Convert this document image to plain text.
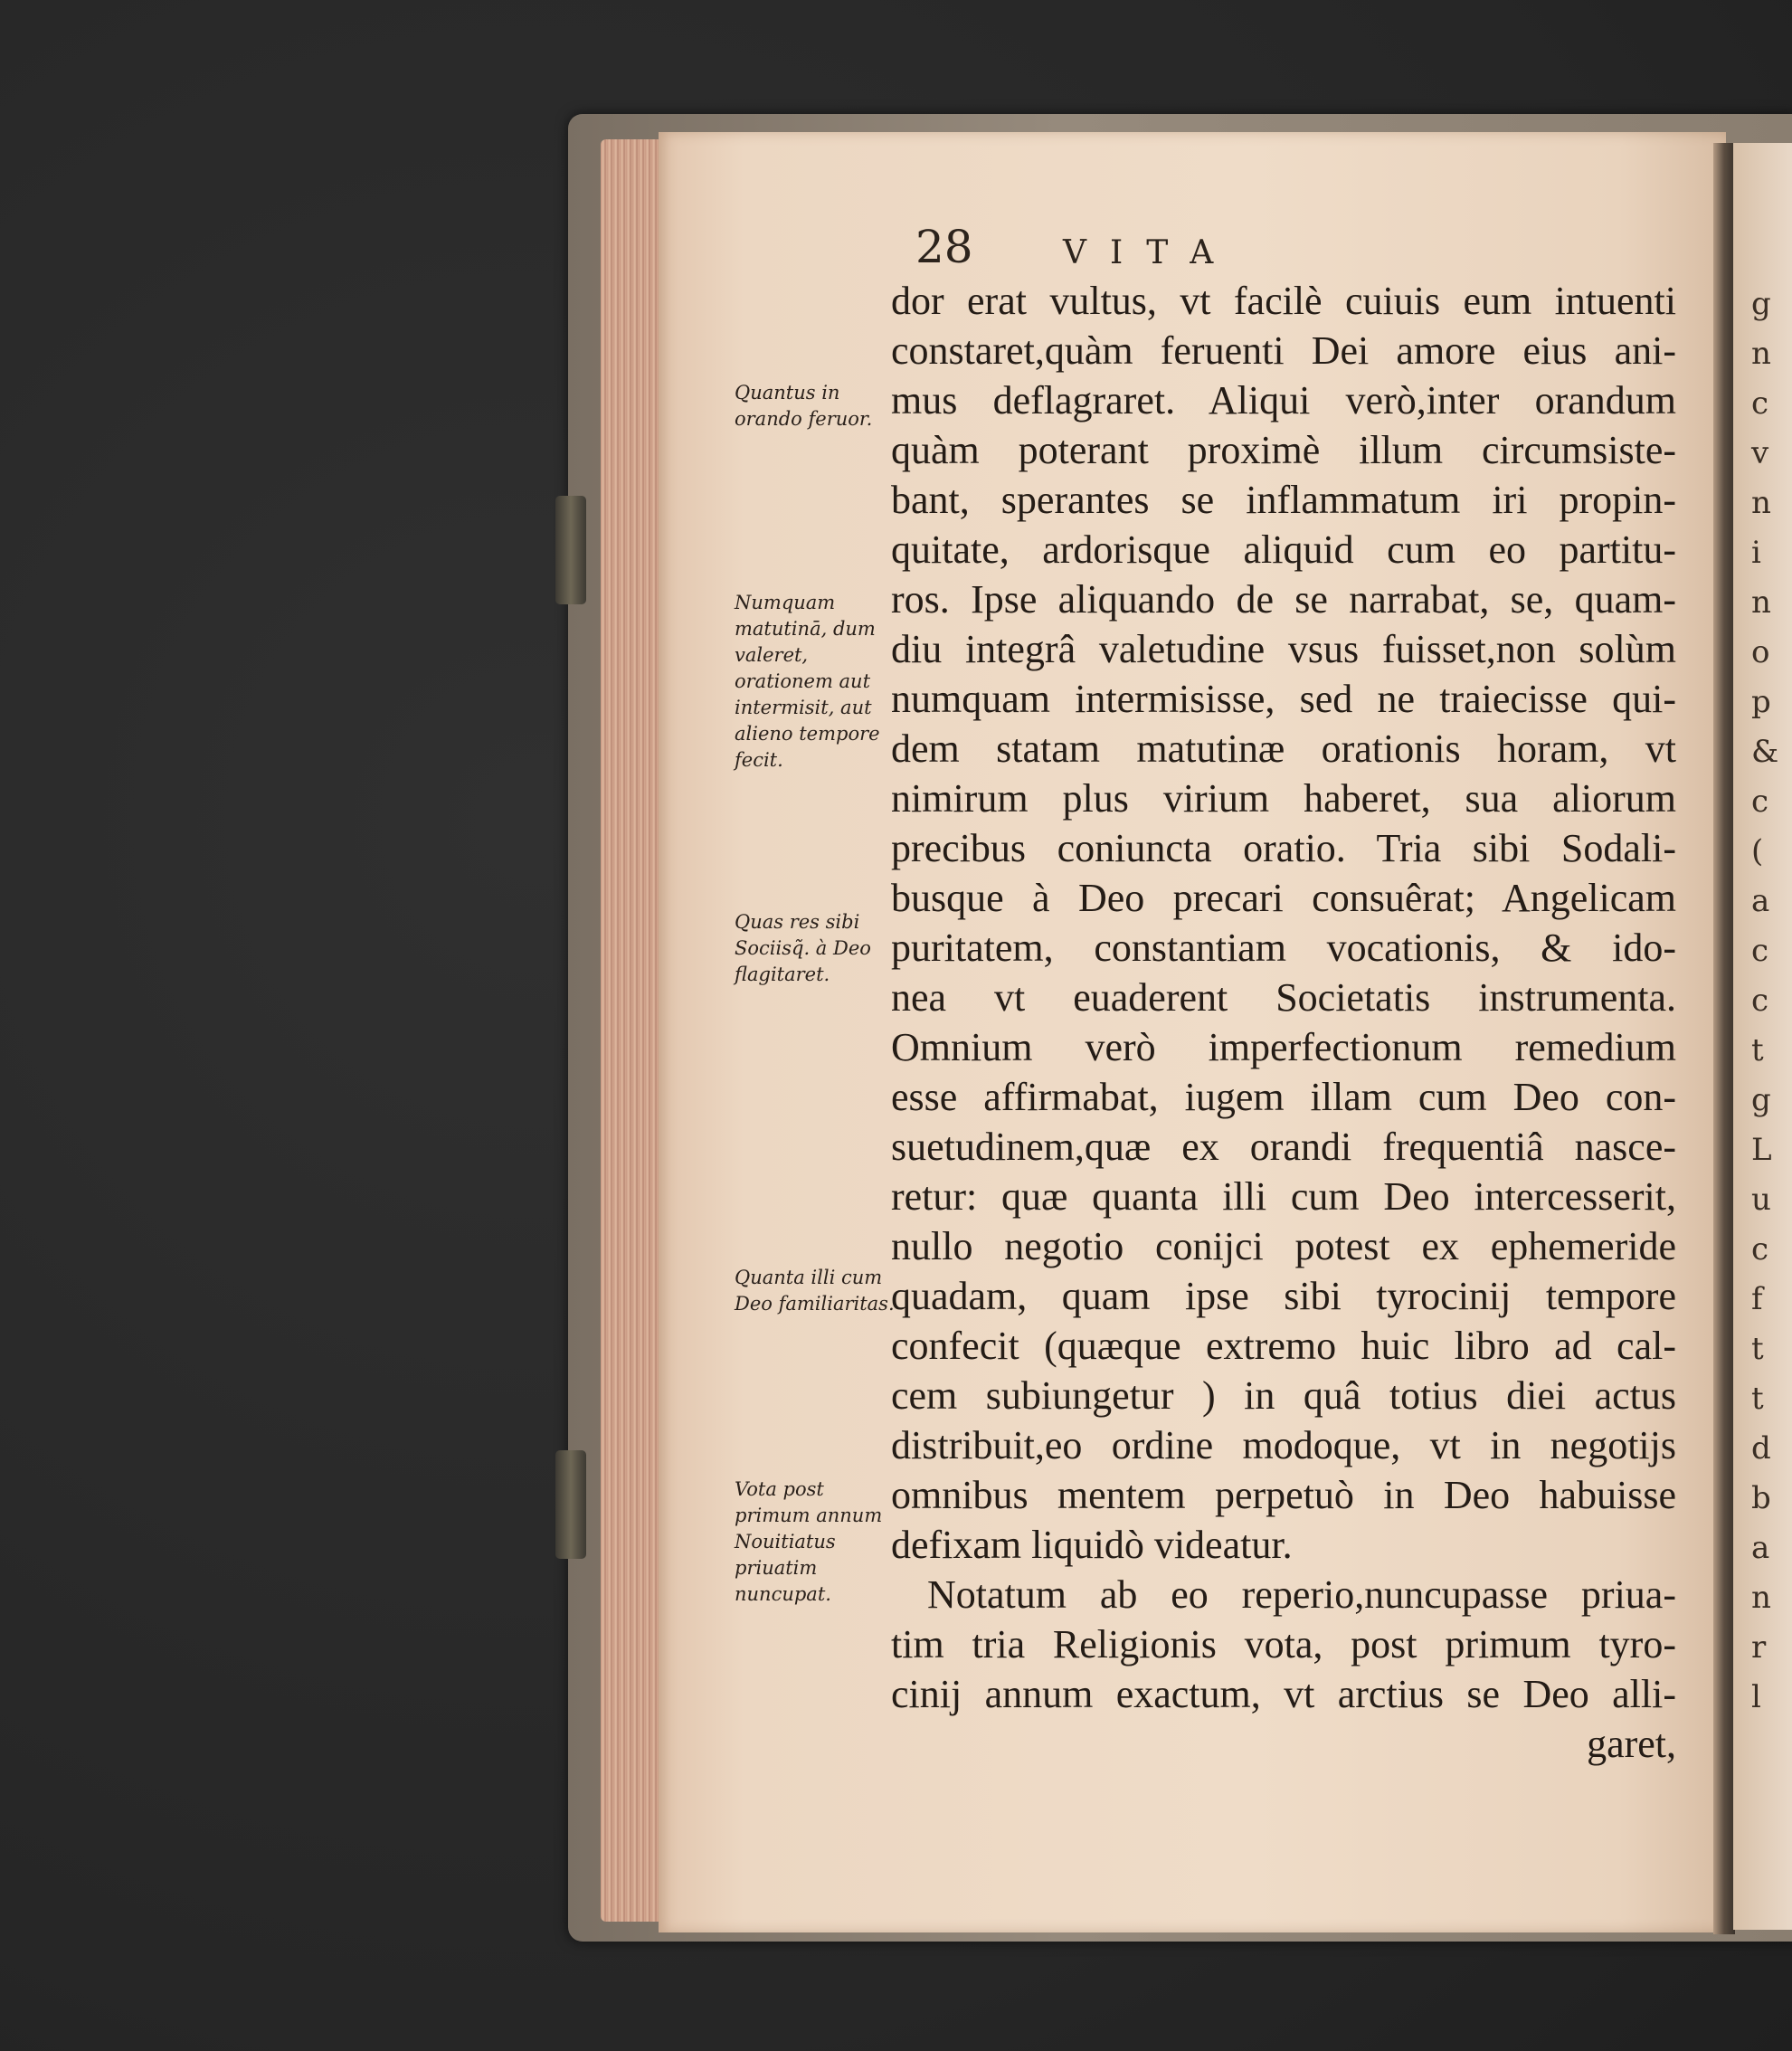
g
n
c
v
n
i
n
o
p
&
c
(
a
c
c
t
g
L
u
c
f
t
t
d
b
a
n
r
l
28	VITA
dor erat vultus, vt facilè cuiuis eum intuenti
constaret,quàm feruenti Dei amore eius ani-
mus deflagraret. Aliqui verò,inter orandum
quàm poterant proximè illum circumsiste-
bant, sperantes se inflammatum iri propin-
quitate, ardorisque aliquid cum eo partitu-
ros. Ipse aliquando de se narrabat, se, quam-
diu integrâ valetudine vsus fuisset,non solùm
numquam intermisisse, sed ne traiecisse qui-
dem statam matutinæ orationis horam, vt
nimirum plus virium haberet, sua aliorum
precibus coniuncta oratio. Tria sibi Sodali-
busque à Deo precari consuêrat; Angelicam
puritatem, constantiam vocationis, & ido-
nea vt euaderent Societatis instrumenta.
Omnium verò imperfectionum remedium
esse affirmabat, iugem illam cum Deo con-
suetudinem,quæ ex orandi frequentiâ nasce-
retur: quæ quanta illi cum Deo intercesserit,
nullo negotio conijci potest ex ephemeride
quadam, quam ipse sibi tyrocinij tempore
confecit (quæque extremo huic libro ad cal-
cem subiungetur ) in quâ totius diei actus
distribuit,eo ordine modoque, vt in negotijs
omnibus mentem perpetuò in Deo habuisse
defixam liquidò videatur.
Notatum ab eo reperio,nuncupasse priua-
tim tria Religionis vota, post primum tyro-
cinij annum exactum, vt arctius se Deo alli-
garet,
Quantus in orando feruor.
Numquam matutinā, dum valeret, orationem aut intermisit, aut alieno tempore fecit.
Quas res sibi Sociisq̃. à Deo flagitaret.
Quanta illi cum Deo familiaritas.
Vota post primum annum Nouitiatus priuatim nuncupat.
